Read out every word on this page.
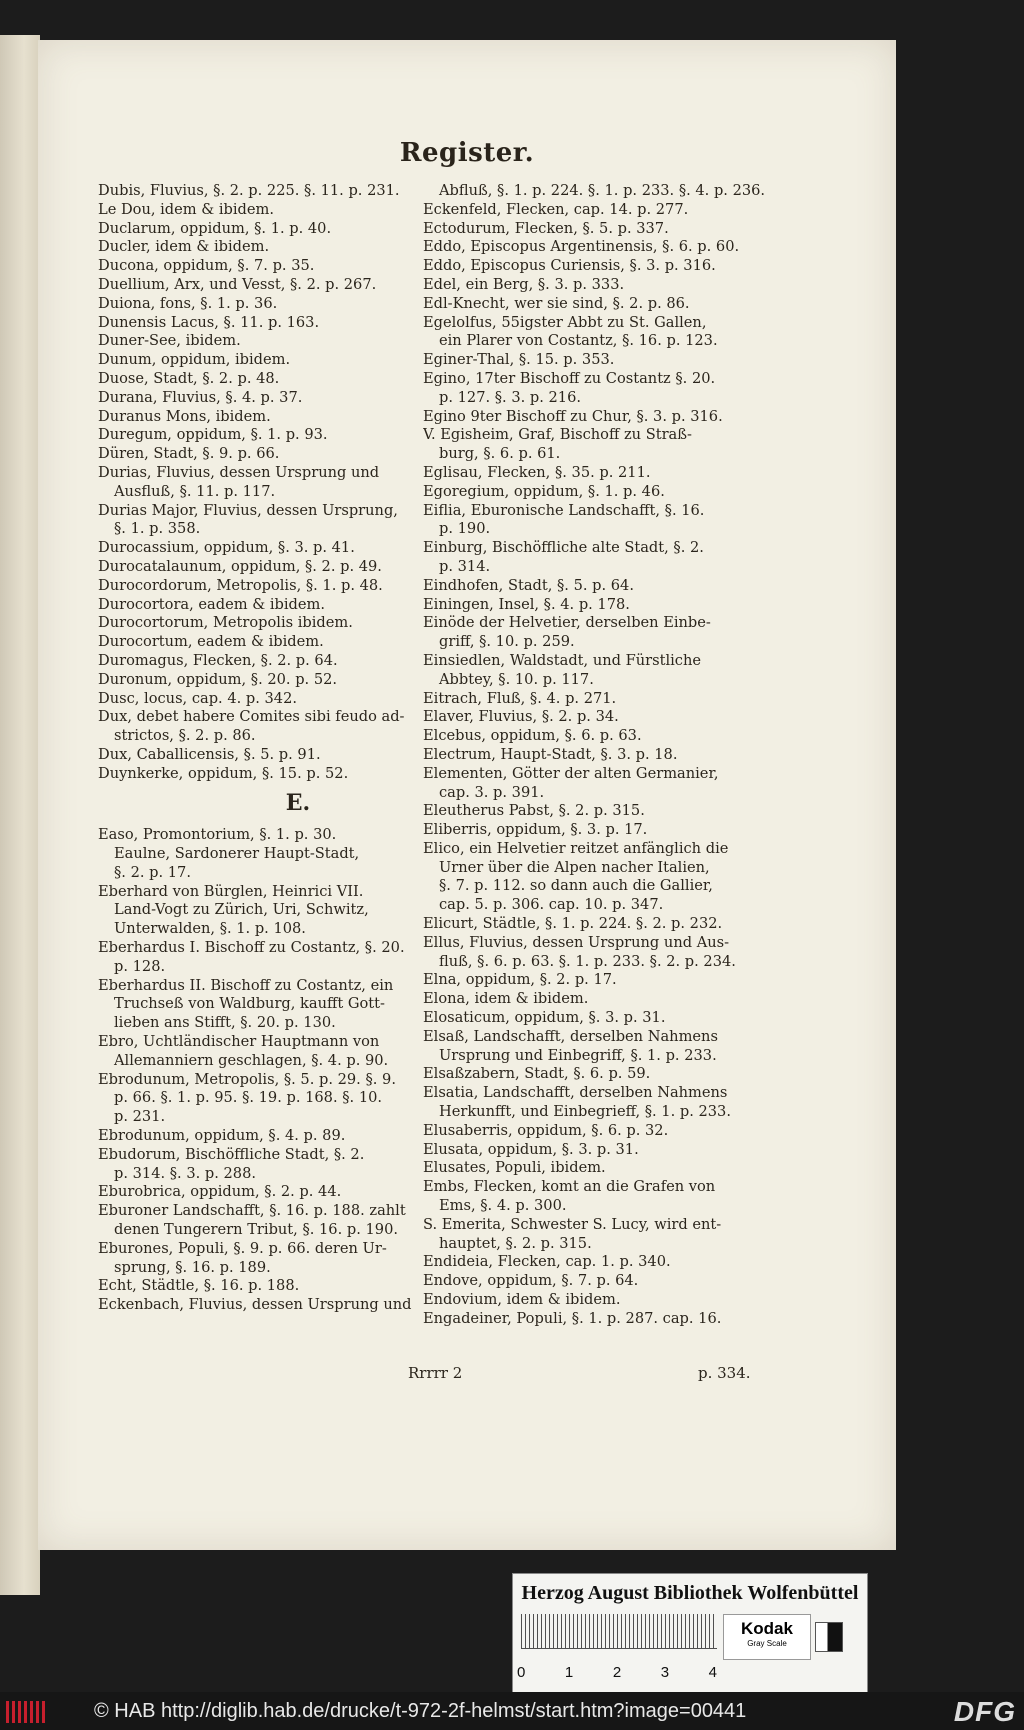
Register.
Dubis, Fluvius, §. 2. p. 225. §. 11. p. 231.
Le Dou, idem & ibidem.
Duclarum, oppidum, §. 1. p. 40.
Ducler, idem & ibidem.
Ducona, oppidum, §. 7. p. 35.
Duellium, Arx, und Vesst, §. 2. p. 267.
Duiona, fons, §. 1. p. 36.
Dunensis Lacus, §. 11. p. 163.
Duner-See, ibidem.
Dunum, oppidum, ibidem.
Duose, Stadt, §. 2. p. 48.
Durana, Fluvius, §. 4. p. 37.
Duranus Mons, ibidem.
Duregum, oppidum, §. 1. p. 93.
Düren, Stadt, §. 9. p. 66.
Durias, Fluvius, dessen Ursprung und
Ausfluß, §. 11. p. 117.
Durias Major, Fluvius, dessen Ursprung,
§. 1. p. 358.
Durocassium, oppidum, §. 3. p. 41.
Durocatalaunum, oppidum, §. 2. p. 49.
Durocordorum, Metropolis, §. 1. p. 48.
Durocortora, eadem & ibidem.
Durocortorum, Metropolis ibidem.
Durocortum, eadem & ibidem.
Duromagus, Flecken, §. 2. p. 64.
Duronum, oppidum, §. 20. p. 52.
Dusc, locus, cap. 4. p. 342.
Dux, debet habere Comites sibi feudo ad-
strictos, §. 2. p. 86.
Dux, Caballicensis, §. 5. p. 91.
Duynkerke, oppidum, §. 15. p. 52.
E.
Easo, Promontorium, §. 1. p. 30.
Eaulne, Sardonerer Haupt-Stadt,
§. 2. p. 17.
Eberhard von Bürglen, Heinrici VII.
Land-Vogt zu Zürich, Uri, Schwitz,
Unterwalden, §. 1. p. 108.
Eberhardus I. Bischoff zu Costantz, §. 20.
p. 128.
Eberhardus II. Bischoff zu Costantz, ein
Truchseß von Waldburg, kaufft Gott-
lieben ans Stifft, §. 20. p. 130.
Ebro, Uchtländischer Hauptmann von
Allemanniern geschlagen, §. 4. p. 90.
Ebrodunum, Metropolis, §. 5. p. 29. §. 9.
p. 66. §. 1. p. 95. §. 19. p. 168. §. 10.
p. 231.
Ebrodunum, oppidum, §. 4. p. 89.
Ebudorum, Bischöffliche Stadt, §. 2.
p. 314. §. 3. p. 288.
Eburobrica, oppidum, §. 2. p. 44.
Eburoner Landschafft, §. 16. p. 188. zahlt
denen Tungerern Tribut, §. 16. p. 190.
Eburones, Populi, §. 9. p. 66. deren Ur-
sprung, §. 16. p. 189.
Echt, Städtle, §. 16. p. 188.
Eckenbach, Fluvius, dessen Ursprung und
Abfluß, §. 1. p. 224. §. 1. p. 233. §. 4. p. 236.
Eckenfeld, Flecken, cap. 14. p. 277.
Ectodurum, Flecken, §. 5. p. 337.
Eddo, Episcopus Argentinensis, §. 6. p. 60.
Eddo, Episcopus Curiensis, §. 3. p. 316.
Edel, ein Berg, §. 3. p. 333.
Edl-Knecht, wer sie sind, §. 2. p. 86.
Egelolfus, 55igster Abbt zu St. Gallen,
ein Plarer von Costantz, §. 16. p. 123.
Eginer-Thal, §. 15. p. 353.
Egino, 17ter Bischoff zu Costantz §. 20.
p. 127. §. 3. p. 216.
Egino 9ter Bischoff zu Chur, §. 3. p. 316.
V. Egisheim, Graf, Bischoff zu Straß-
burg, §. 6. p. 61.
Eglisau, Flecken, §. 35. p. 211.
Egoregium, oppidum, §. 1. p. 46.
Eiflia, Eburonische Landschafft, §. 16.
p. 190.
Einburg, Bischöffliche alte Stadt, §. 2.
p. 314.
Eindhofen, Stadt, §. 5. p. 64.
Einingen, Insel, §. 4. p. 178.
Einöde der Helvetier, derselben Einbe-
griff, §. 10. p. 259.
Einsiedlen, Waldstadt, und Fürstliche
Abbtey, §. 10. p. 117.
Eitrach, Fluß, §. 4. p. 271.
Elaver, Fluvius, §. 2. p. 34.
Elcebus, oppidum, §. 6. p. 63.
Electrum, Haupt-Stadt, §. 3. p. 18.
Elementen, Götter der alten Germanier,
cap. 3. p. 391.
Eleutherus Pabst, §. 2. p. 315.
Eliberris, oppidum, §. 3. p. 17.
Elico, ein Helvetier reitzet anfänglich die
Urner über die Alpen nacher Italien,
§. 7. p. 112. so dann auch die Gallier,
cap. 5. p. 306. cap. 10. p. 347.
Elicurt, Städtle, §. 1. p. 224. §. 2. p. 232.
Ellus, Fluvius, dessen Ursprung und Aus-
fluß, §. 6. p. 63. §. 1. p. 233. §. 2. p. 234.
Elna, oppidum, §. 2. p. 17.
Elona, idem & ibidem.
Elosaticum, oppidum, §. 3. p. 31.
Elsaß, Landschafft, derselben Nahmens
Ursprung und Einbegriff, §. 1. p. 233.
Elsaßzabern, Stadt, §. 6. p. 59.
Elsatia, Landschafft, derselben Nahmens
Herkunfft, und Einbegrieff, §. 1. p. 233.
Elusaberris, oppidum, §. 6. p. 32.
Elusata, oppidum, §. 3. p. 31.
Elusates, Populi, ibidem.
Embs, Flecken, komt an die Grafen von
Ems, §. 4. p. 300.
S. Emerita, Schwester S. Lucy, wird ent-
hauptet, §. 2. p. 315.
Endideia, Flecken, cap. 1. p. 340.
Endove, oppidum, §. 7. p. 64.
Endovium, idem & ibidem.
Engadeiner, Populi, §. 1. p. 287. cap. 16.
Rrrrr 2	p. 334.
Herzog August Bibliothek Wolfenbüttel
0	1	2	3	4
Kodak
Gray Scale
© HAB http://diglib.hab.de/drucke/t-972-2f-helmst/start.htm?image=00441	DFG
